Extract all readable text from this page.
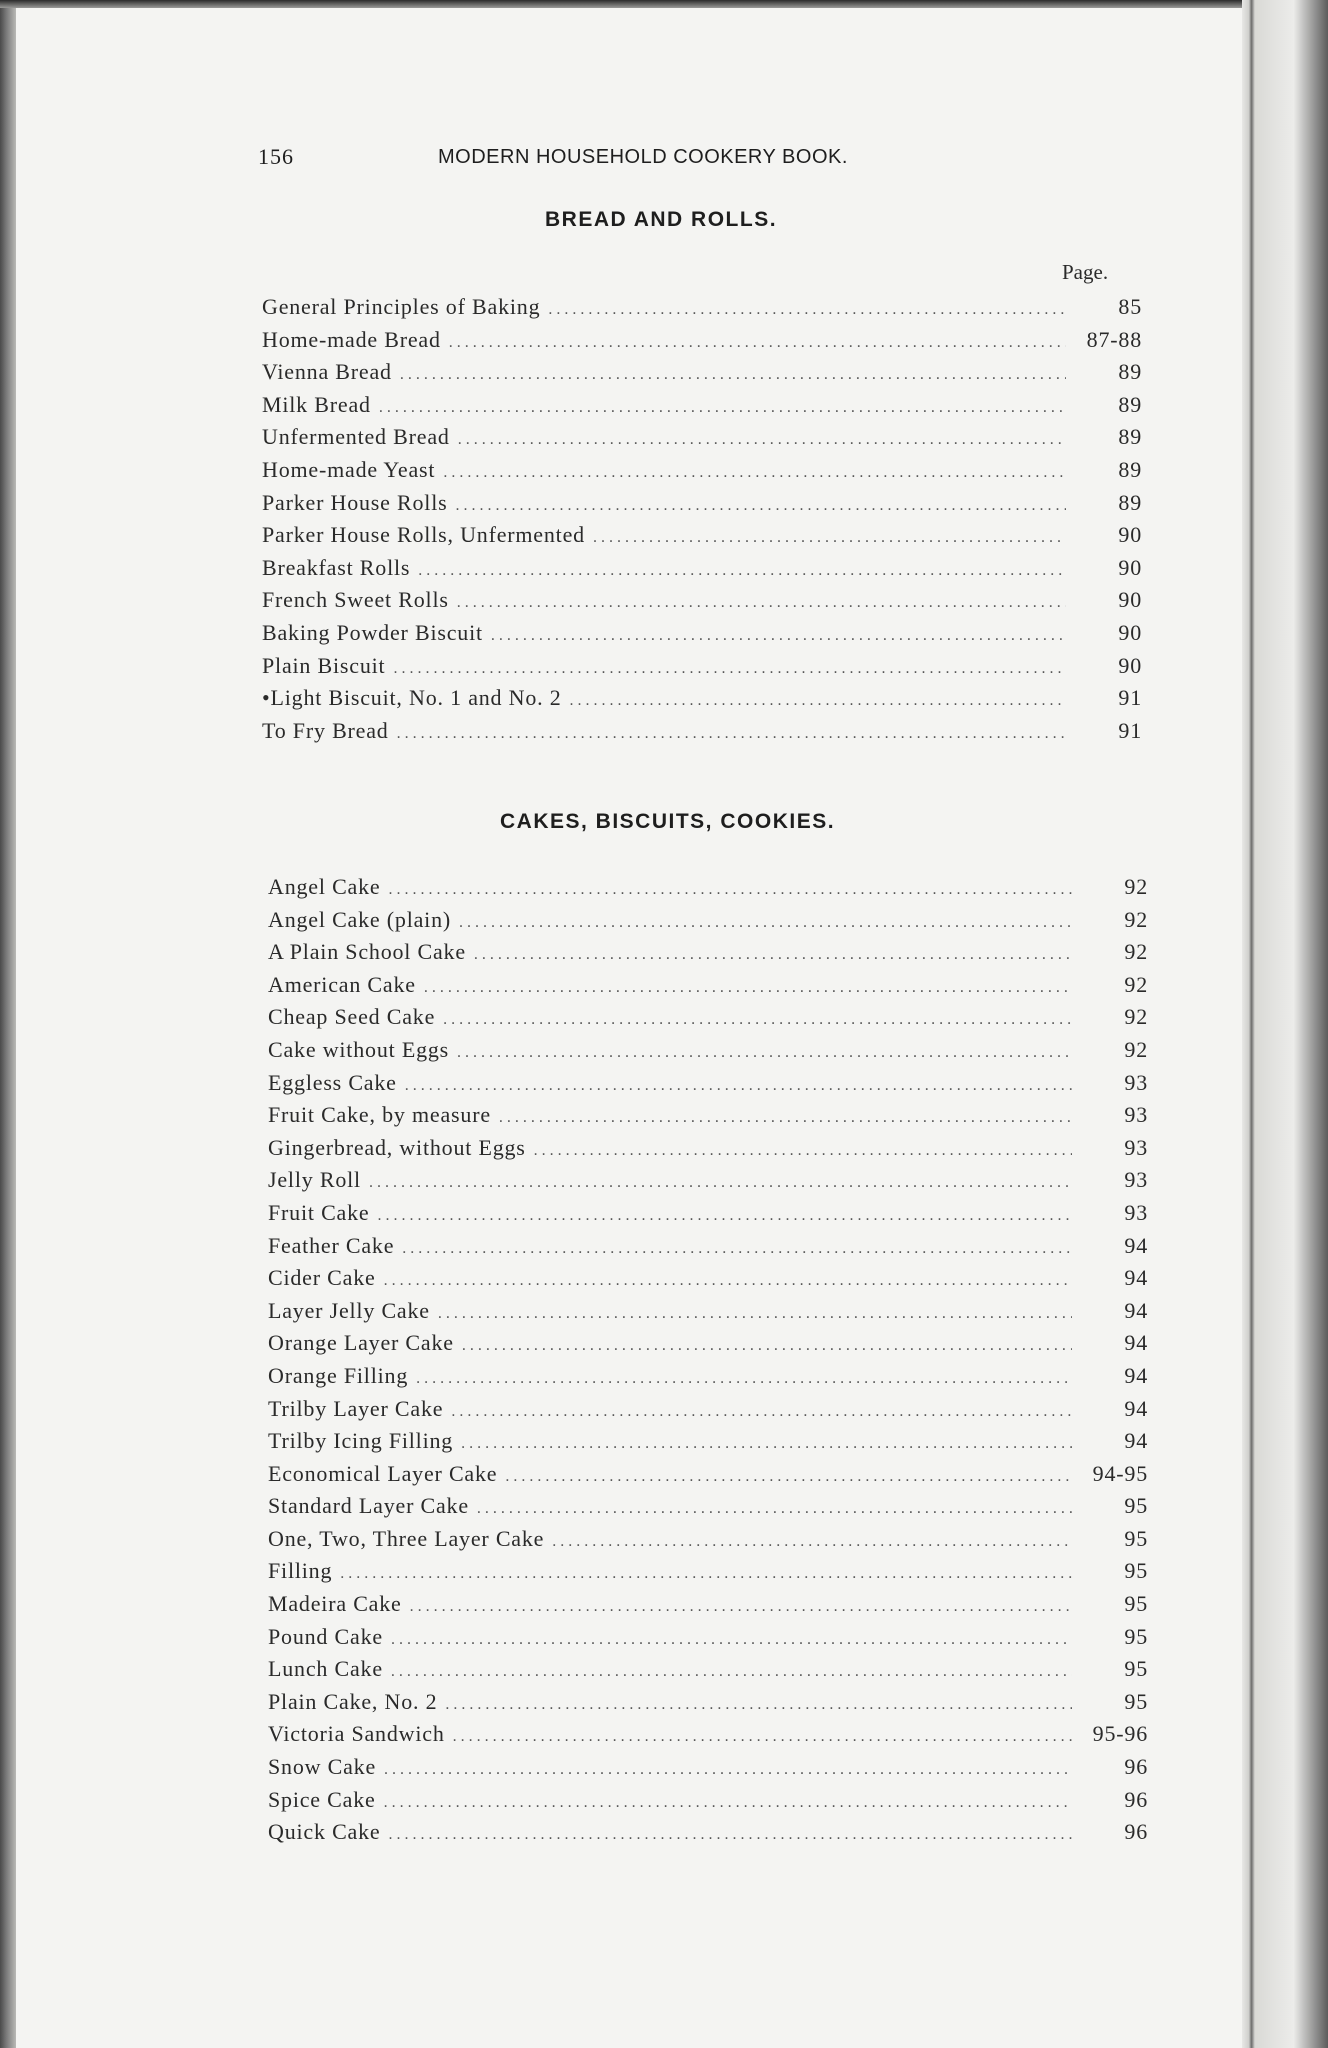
156	MODERN HOUSEHOLD COOKERY BOOK.
BREAD AND ROLLS.
Page.
General Principles of Baking .....	85
Home-made Bread .....	87-88
Vienna Bread .....	89
Milk Bread .....	89
Unfermented Bread .....	89
Home-made Yeast .....	89
Parker House Rolls .....	89
Parker House Rolls, Unfermented .....	90
Breakfast Rolls .....	90
French Sweet Rolls .....	90
Baking Powder Biscuit .....	90
Plain Biscuit .....	90
•Light Biscuit, No. 1 and No. 2 .....	91
To Fry Bread .....	91
CAKES, BISCUITS, COOKIES.
Angel Cake .....	92
Angel Cake (plain) .....	92
A Plain School Cake .....	92
American Cake .....	92
Cheap Seed Cake .....	92
Cake without Eggs .....	92
Eggless Cake .....	93
Fruit Cake, by measure .....	93
Gingerbread, without Eggs .....	93
Jelly Roll .....	93
Fruit Cake .....	93
Feather Cake .....	94
Cider Cake .....	94
Layer Jelly Cake .....	94
Orange Layer Cake .....	94
Orange Filling .....	94
Trilby Layer Cake .....	94
Trilby Icing Filling .....	94
Economical Layer Cake .....	94-95
Standard Layer Cake .....	95
One, Two, Three Layer Cake .....	95
Filling .....	95
Madeira Cake .....	95
Pound Cake .....	95
Lunch Cake .....	95
Plain Cake, No. 2 .....	95
Victoria Sandwich .....	95-96
Snow Cake .....	96
Spice Cake .....	96
Quick Cake .....	96
